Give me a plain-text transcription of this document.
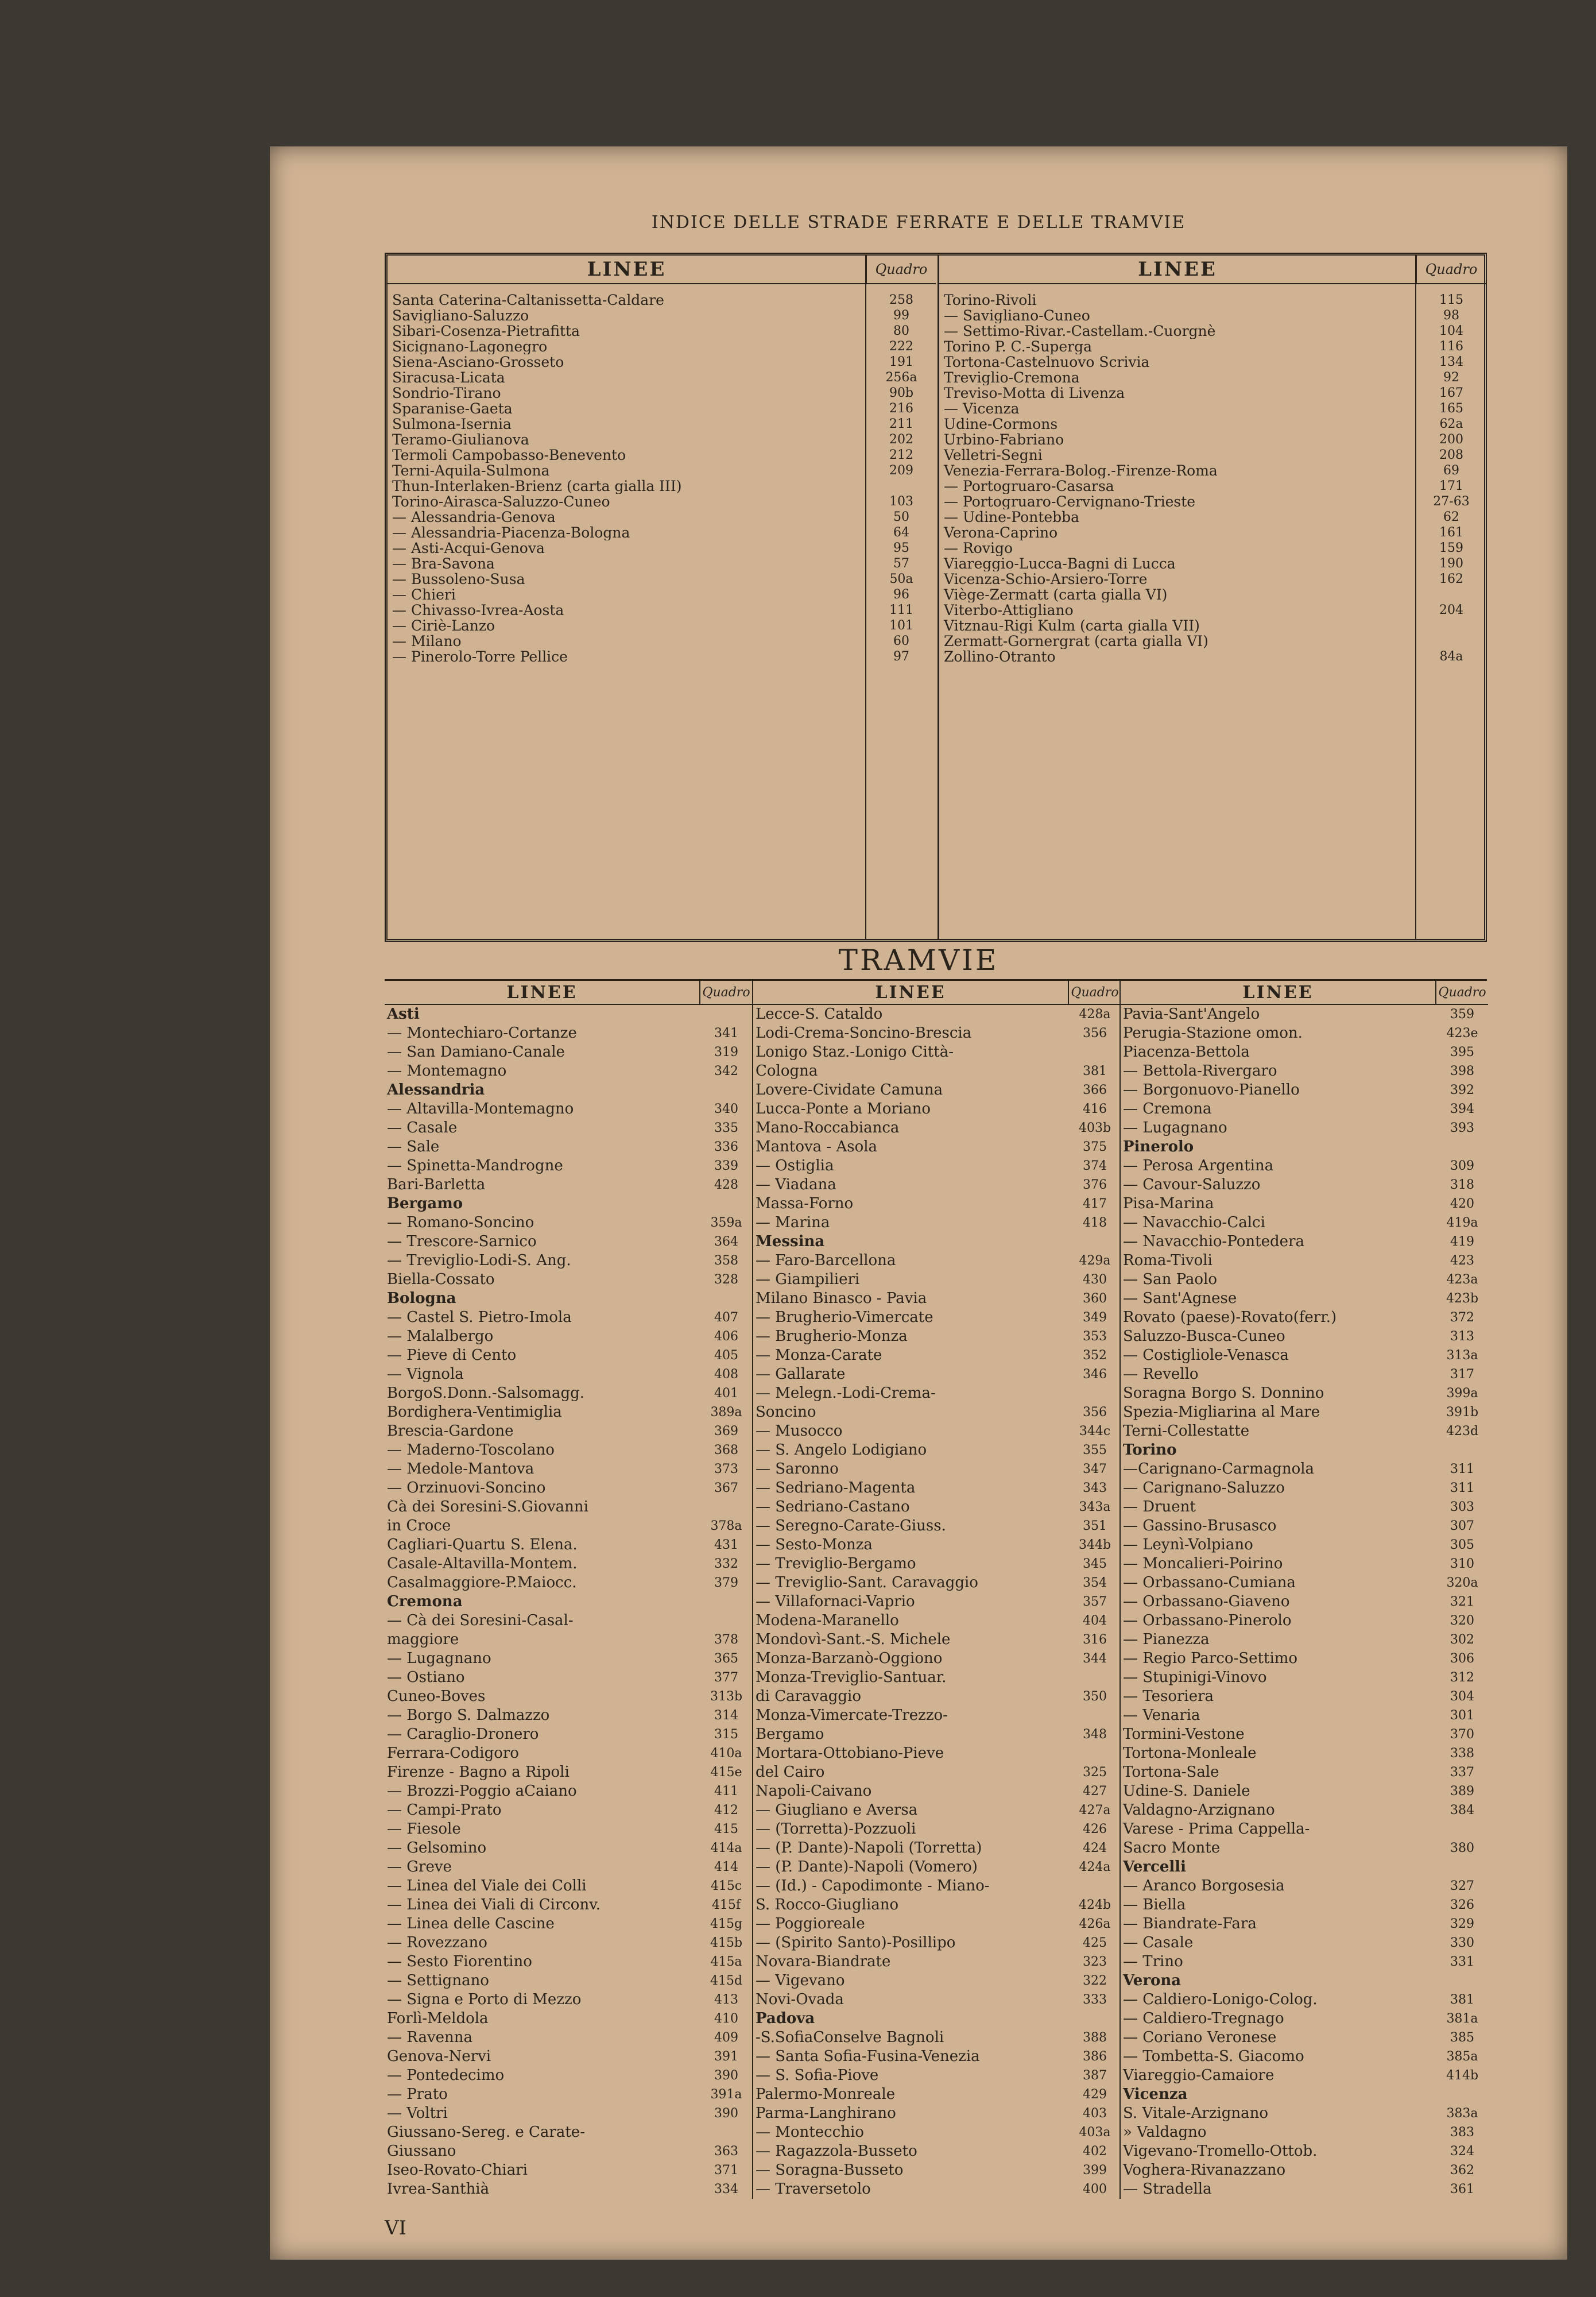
INDICE DELLE STRADE FERRATE E DELLE TRAMVIE
LINEE	Quadro
Santa Caterina-Caltanissetta-Caldare	258
Savigliano-Saluzzo	99
Sibari-Cosenza-Pietrafitta	80
Sicignano-Lagonegro	222
Siena-Asciano-Grosseto	191
Siracusa-Licata	256a
Sondrio-Tirano	90b
Sparanise-Gaeta	216
Sulmona-Isernia	211
Teramo-Giulianova	202
Termoli Campobasso-Benevento	212
Terni-Aquila-Sulmona	209
Thun-Interlaken-Brienz (carta gialla III)
Torino-Airasca-Saluzzo-Cuneo	103
— Alessandria-Genova	50
— Alessandria-Piacenza-Bologna	64
— Asti-Acqui-Genova	95
— Bra-Savona	57
— Bussoleno-Susa	50a
— Chieri	96
— Chivasso-Ivrea-Aosta	111
— Ciriè-Lanzo	101
— Milano	60
— Pinerolo-Torre Pellice	97
LINEE	Quadro
Torino-Rivoli	115
— Savigliano-Cuneo	98
— Settimo-Rivar.-Castellam.-Cuorgnè	104
Torino P. C.-Superga	116
Tortona-Castelnuovo Scrivia	134
Treviglio-Cremona	92
Treviso-Motta di Livenza	167
— Vicenza	165
Udine-Cormons	62a
Urbino-Fabriano	200
Velletri-Segni	208
Venezia-Ferrara-Bolog.-Firenze-Roma	69
— Portogruaro-Casarsa	171
— Portogruaro-Cervignano-Trieste	27-63
— Udine-Pontebba	62
Verona-Caprino	161
— Rovigo	159
Viareggio-Lucca-Bagni di Lucca	190
Vicenza-Schio-Arsiero-Torre	162
Viège-Zermatt (carta gialla VI)
Viterbo-Attigliano	204
Vitznau-Rigi Kulm (carta gialla VII)
Zermatt-Gornergrat (carta gialla VI)
Zollino-Otranto	84a
TRAMVIE
LINEE	Quadro
Asti
— Montechiaro-Cortanze	341
— San Damiano-Canale	319
— Montemagno	342
Alessandria
— Altavilla-Montemagno	340
— Casale	335
— Sale	336
— Spinetta-Mandrogne	339
Bari-Barletta	428
Bergamo
— Romano-Soncino	359a
— Trescore-Sarnico	364
— Treviglio-Lodi-S. Ang.	358
Biella-Cossato	328
Bologna
— Castel S. Pietro-Imola	407
— Malalbergo	406
— Pieve di Cento	405
— Vignola	408
BorgoS.Donn.-Salsomagg.	401
Bordighera-Ventimiglia	389a
Brescia-Gardone	369
— Maderno-Toscolano	368
— Medole-Mantova	373
— Orzinuovi-Soncino	367
Cà dei Soresini-S.Giovanni
in Croce	378a
Cagliari-Quartu S. Elena.	431
Casale-Altavilla-Montem.	332
Casalmaggiore-P.Maiocc.	379
Cremona
— Cà dei Soresini-Casal-
maggiore	378
— Lugagnano	365
— Ostiano	377
Cuneo-Boves	313b
— Borgo S. Dalmazzo	314
— Caraglio-Dronero	315
Ferrara-Codigoro	410a
Firenze - Bagno a Ripoli	415e
— Brozzi-Poggio aCaiano	411
— Campi-Prato	412
— Fiesole	415
— Gelsomino	414a
— Greve	414
— Linea del Viale dei Colli	415c
— Linea dei Viali di Circonv.	415f
— Linea delle Cascine	415g
— Rovezzano	415b
— Sesto Fiorentino	415a
— Settignano	415d
— Signa e Porto di Mezzo	413
Forlì-Meldola	410
— Ravenna	409
Genova-Nervi	391
— Pontedecimo	390
— Prato	391a
— Voltri	390
Giussano-Sereg. e Carate-
Giussano	363
Iseo-Rovato-Chiari	371
Ivrea-Santhià	334
LINEE	Quadro
Lecce-S. Cataldo	428a
Lodi-Crema-Soncino-Brescia	356
Lonigo Staz.-Lonigo Città-
Cologna	381
Lovere-Cividate Camuna	366
Lucca-Ponte a Moriano	416
Mano-Roccabianca	403b
Mantova - Asola	375
— Ostiglia	374
— Viadana	376
Massa-Forno	417
— Marina	418
Messina
— Faro-Barcellona	429a
— Giampilieri	430
Milano Binasco - Pavia	360
— Brugherio-Vimercate	349
— Brugherio-Monza	353
— Monza-Carate	352
— Gallarate	346
— Melegn.-Lodi-Crema-
Soncino	356
— Musocco	344c
— S. Angelo Lodigiano	355
— Saronno	347
— Sedriano-Magenta	343
— Sedriano-Castano	343a
— Seregno-Carate-Giuss.	351
— Sesto-Monza	344b
— Treviglio-Bergamo	345
— Treviglio-Sant. Caravaggio	354
— Villafornaci-Vaprio	357
Modena-Maranello	404
Mondovì-Sant.-S. Michele	316
Monza-Barzanò-Oggiono	344
Monza-Treviglio-Santuar.
di Caravaggio	350
Monza-Vimercate-Trezzo-
Bergamo	348
Mortara-Ottobiano-Pieve
del Cairo	325
Napoli-Caivano	427
— Giugliano e Aversa	427a
— (Torretta)-Pozzuoli	426
— (P. Dante)-Napoli (Torretta)	424
— (P. Dante)-Napoli (Vomero)	424a
— (Id.) - Capodimonte - Miano-
S. Rocco-Giugliano	424b
— Poggioreale	426a
— (Spirito Santo)-Posillipo	425
Novara-Biandrate	323
— Vigevano	322
Novi-Ovada	333
Padova
-S.SofiaConselve Bagnoli	388
— Santa Sofia-Fusina-Venezia	386
— S. Sofia-Piove	387
Palermo-Monreale	429
Parma-Langhirano	403
— Montecchio	403a
— Ragazzola-Busseto	402
— Soragna-Busseto	399
— Traversetolo	400
LINEE	Quadro
Pavia-Sant'Angelo	359
Perugia-Stazione omon.	423e
Piacenza-Bettola	395
— Bettola-Rivergaro	398
— Borgonuovo-Pianello	392
— Cremona	394
— Lugagnano	393
Pinerolo
— Perosa Argentina	309
— Cavour-Saluzzo	318
Pisa-Marina	420
— Navacchio-Calci	419a
— Navacchio-Pontedera	419
Roma-Tivoli	423
— San Paolo	423a
— Sant'Agnese	423b
Rovato (paese)-Rovato(ferr.)	372
Saluzzo-Busca-Cuneo	313
— Costigliole-Venasca	313a
— Revello	317
Soragna Borgo S. Donnino	399a
Spezia-Migliarina al Mare	391b
Terni-Collestatte	423d
Torino
—Carignano-Carmagnola	311
— Carignano-Saluzzo	311
— Druent	303
— Gassino-Brusasco	307
— Leynì-Volpiano	305
— Moncalieri-Poirino	310
— Orbassano-Cumiana	320a
— Orbassano-Giaveno	321
— Orbassano-Pinerolo	320
— Pianezza	302
— Regio Parco-Settimo	306
— Stupinigi-Vinovo	312
— Tesoriera	304
— Venaria	301
Tormini-Vestone	370
Tortona-Monleale	338
Tortona-Sale	337
Udine-S. Daniele	389
Valdagno-Arzignano	384
Varese - Prima Cappella-
Sacro Monte	380
Vercelli
— Aranco Borgosesia	327
— Biella	326
— Biandrate-Fara	329
— Casale	330
— Trino	331
Verona
— Caldiero-Lonigo-Colog.	381
— Caldiero-Tregnago	381a
— Coriano Veronese	385
— Tombetta-S. Giacomo	385a
Viareggio-Camaiore	414b
Vicenza
S. Vitale-Arzignano	383a
» Valdagno	383
Vigevano-Tromello-Ottob.	324
Voghera-Rivanazzano	362
— Stradella	361
VI
